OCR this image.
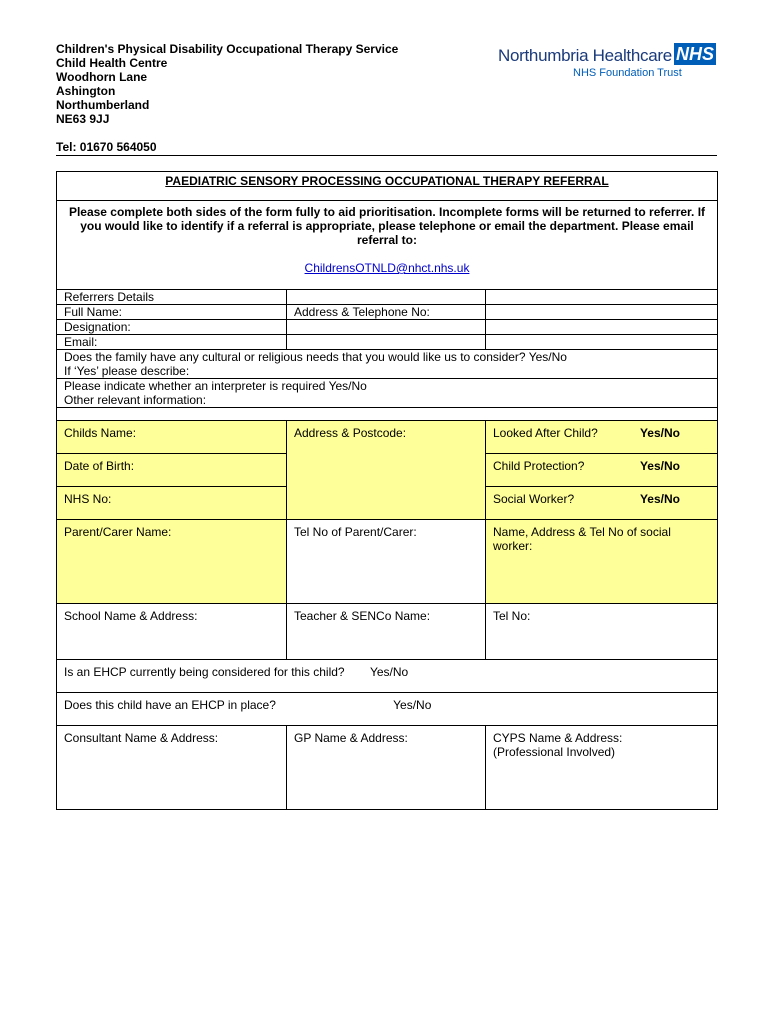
Children's Physical Disability Occupational Therapy Service
Child Health Centre
Woodhorn Lane
Ashington
Northumberland
NE63 9JJ
Tel: 01670 564050
Northumbria Healthcare NHS
NHS Foundation Trust
PAEDIATRIC SENSORY PROCESSING OCCUPATIONAL THERAPY REFERRAL		

Please complete both sides of the form fully to aid prioritisation. Incomplete forms will be returned to referrer. If you would like to identify if a referral is appropriate, please telephone or email the department. Please email referral to:
ChildrensOTNLD@nhct.nhs.uk		
Referrers Details		
Full Name:	Address & Telephone No:	
Designation:		
Email:		

Does the family have any cultural or religious needs that you would like us to consider? Yes/No
If ‘Yes’ please describe:		

Please indicate whether an interpreter is required Yes/No
Other relevant information:		

Childs Name:	Address & Postcode:	Looked After Child? Yes/No

Date of Birth:		Child Protection? Yes/No

NHS No:		Social Worker? Yes/No

Parent/Carer Name:	Tel No of Parent/Carer:	Name, Address & Tel No of social worker:
School Name & Address:	Teacher & SENCo Name:	Tel No:
Is an EHCP currently being considered for this child? Yes/No		
Does this child have an EHCP in place? Yes/No		
Consultant Name & Address:	GP Name & Address:	CYPS Name & Address:
(Professional Involved)
